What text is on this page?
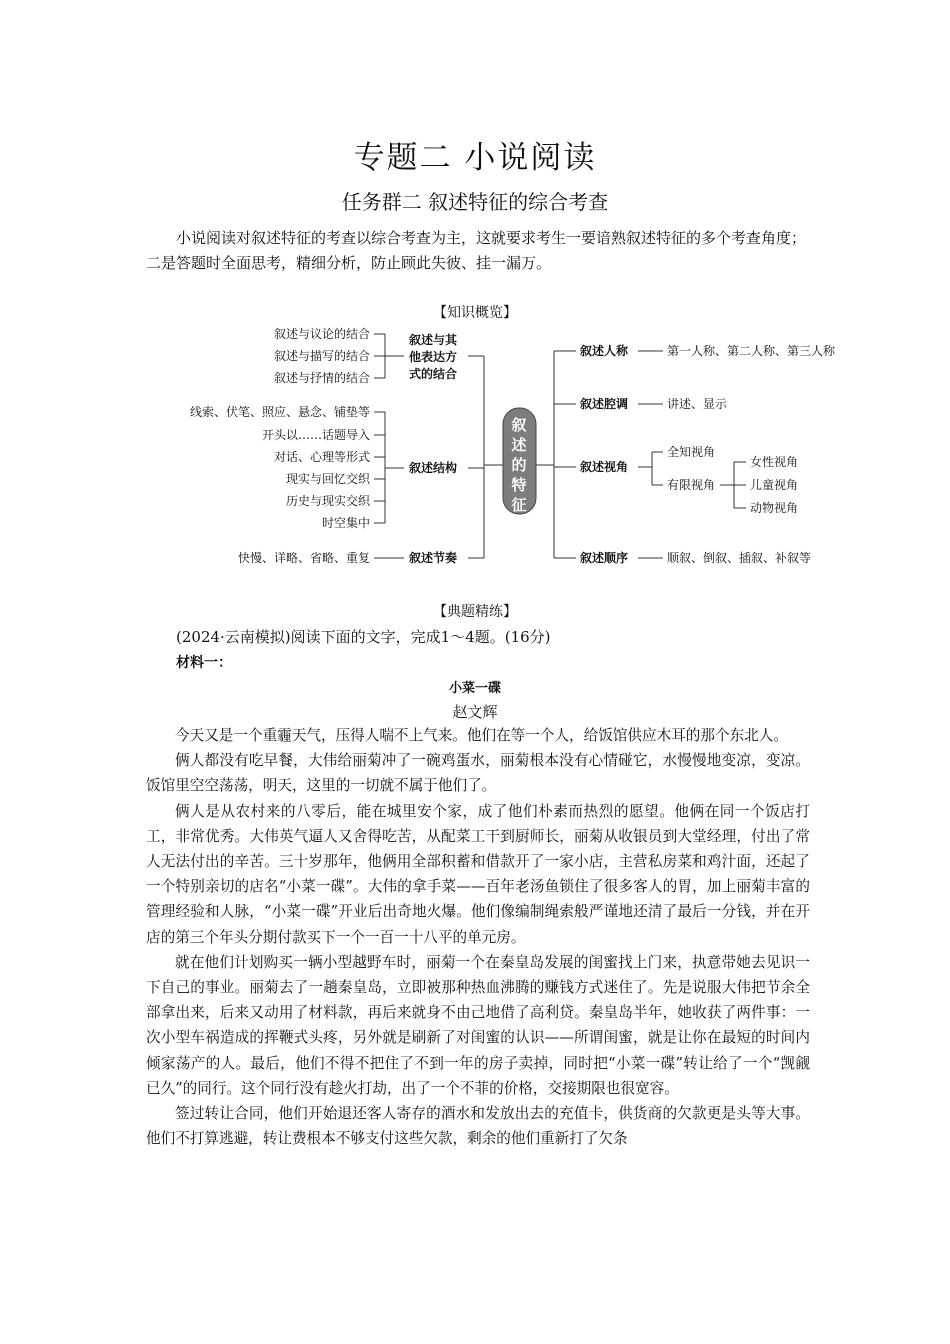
专题二 小说阅读
任务群二 叙述特征的综合考查

小说阅读对叙述特征的考查以综合考查为主，这就要求考生一要谙熟叙述特征的多个考查角度；二是答题时全面思考，精细分析，防止顾此失彼、挂一漏万。

【知识概览】
叙
述
的
特
征
叙述与议论的结合
叙述与描写的结合
叙述与抒情的结合
线索、伏笔、照应、悬念、铺垫等
开头以……话题导入
对话、心理等形式
现实与回忆交织
历史与现实交织
时空集中
快慢、详略、省略、重复
叙述与其
他表达方
式的结合
叙述结构
叙述节奏
叙述人称
叙述腔调
叙述视角
叙述顺序
第一人称、第二人称、第三人称
讲述、显示
全知视角
有限视角
女性视角
儿童视角
动物视角
顺叙、倒叙、插叙、补叙等
【典题精练】
(2024·云南模拟)阅读下面的文字，完成1～4题。(16分)
材料一：
小菜一碟
赵文辉

今天又是一个重霾天气，压得人喘不上气来。他们在等一个人，给饭馆供应木耳的那个东北人。

俩人都没有吃早餐，大伟给丽菊冲了一碗鸡蛋水，丽菊根本没有心情碰它，水慢慢地变凉，变凉。饭馆里空空荡荡，明天，这里的一切就不属于他们了。

俩人是从农村来的八零后，能在城里安个家，成了他们朴素而热烈的愿望。他俩在同一个饭店打工，非常优秀。大伟英气逼人又舍得吃苦，从配菜工干到厨师长，丽菊从收银员到大堂经理，付出了常人无法付出的辛苦。三十岁那年，他俩用全部积蓄和借款开了一家小店，主营私房菜和鸡汁面，还起了一个特别亲切的店名“小菜一碟”。大伟的拿手菜——百年老汤鱼锁住了很多客人的胃，加上丽菊丰富的管理经验和人脉，“小菜一碟”开业后出奇地火爆。他们像编制绳索般严谨地还清了最后一分钱，并在开店的第三个年头分期付款买下一个一百一十八平的单元房。

就在他们计划购买一辆小型越野车时，丽菊一个在秦皇岛发展的闺蜜找上门来，执意带她去见识一下自己的事业。丽菊去了一趟秦皇岛，立即被那种热血沸腾的赚钱方式迷住了。先是说服大伟把节余全部拿出来，后来又动用了材料款，再后来就身不由己地借了高利贷。秦皇岛半年，她收获了两件事：一次小型车祸造成的挥鞭式头疼，另外就是刷新了对闺蜜的认识——所谓闺蜜，就是让你在最短的时间内倾家荡产的人。最后，他们不得不把住了不到一年的房子卖掉，同时把“小菜一碟”转让给了一个“觊觎已久”的同行。这个同行没有趁火打劫，出了一个不菲的价格，交接期限也很宽容。

签过转让合同，他们开始退还客人寄存的酒水和发放出去的充值卡，供货商的欠款更是头等大事。他们不打算逃避，转让费根本不够支付这些欠款，剩余的他们重新打了欠条
